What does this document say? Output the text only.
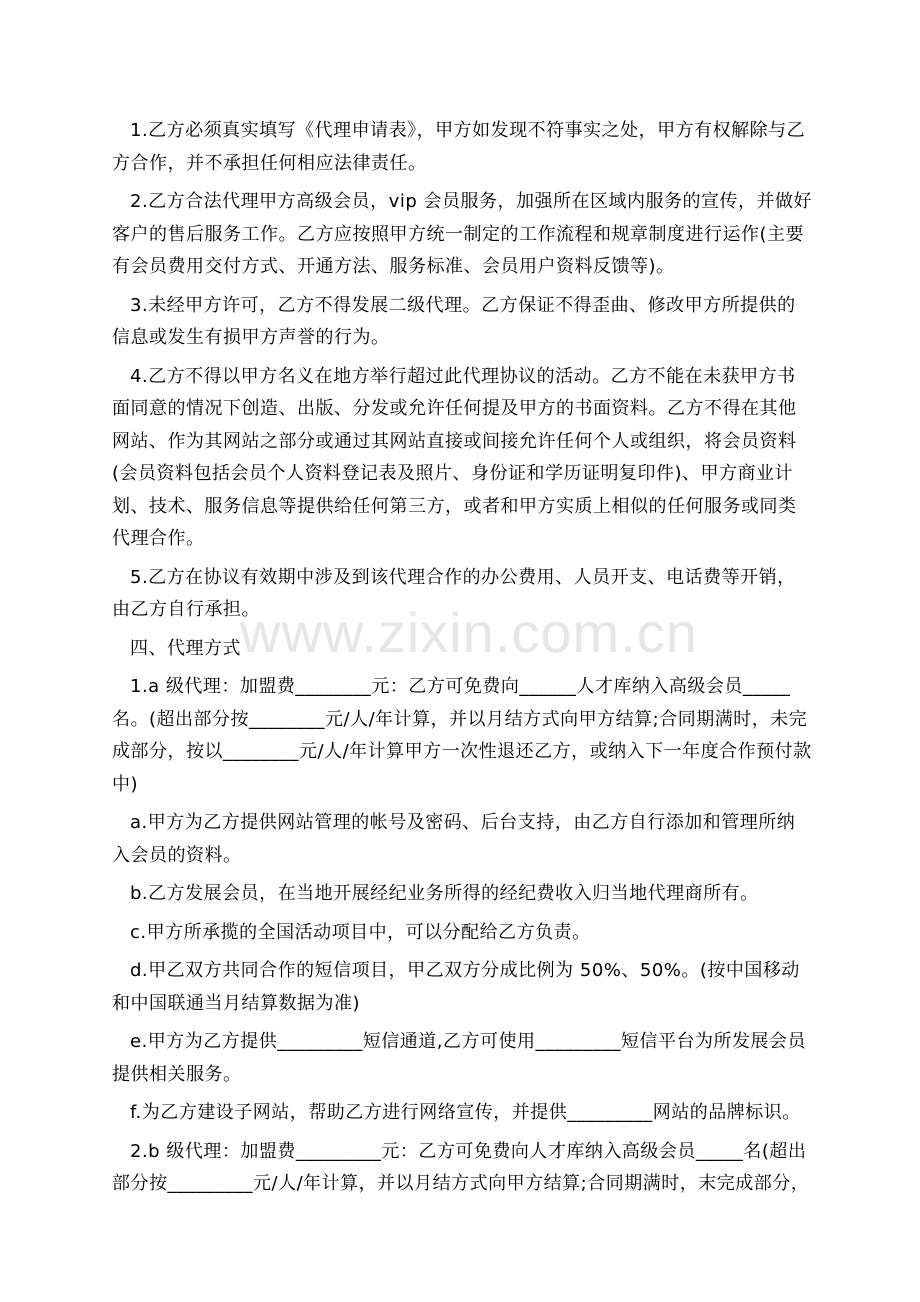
1.乙方必须真实填写《代理申请表》，甲方如发现不符事实之处，甲方有权解除与乙方合作，并不承担任何相应法律责任。

2.乙方合法代理甲方高级会员，vip 会员服务，加强所在区域内服务的宣传，并做好客户的售后服务工作。乙方应按照甲方统一制定的工作流程和规章制度进行运作(主要有会员费用交付方式、开通方法、服务标准、会员用户资料反馈等)。

3.未经甲方许可，乙方不得发展二级代理。乙方保证不得歪曲、修改甲方所提供的信息或发生有损甲方声誉的行为。

4.乙方不得以甲方名义在地方举行超过此代理协议的活动。乙方不能在未获甲方书面同意的情况下创造、出版、分发或允许任何提及甲方的书面资料。乙方不得在其他网站、作为其网站之部分或通过其网站直接或间接允许任何个人或组织，将会员资料(会员资料包括会员个人资料登记表及照片、身份证和学历证明复印件)、甲方商业计划、技术、服务信息等提供给任何第三方，或者和甲方实质上相似的任何服务或同类代理合作。

5.乙方在协议有效期中涉及到该代理合作的办公费用、人员开支、电话费等开销，由乙方自行承担。

四、代理方式

1.a 级代理：加盟费________元：乙方可免费向______人才库纳入高级会员_____名。(超出部分按________元/人/年计算，并以月结方式向甲方结算;合同期满时，未完成部分，按以________元/人/年计算甲方一次性退还乙方，或纳入下一年度合作预付款中)

a.甲方为乙方提供网站管理的帐号及密码、后台支持，由乙方自行添加和管理所纳入会员的资料。

b.乙方发展会员，在当地开展经纪业务所得的经纪费收入归当地代理商所有。

c.甲方所承揽的全国活动项目中，可以分配给乙方负责。

d.甲乙双方共同合作的短信项目，甲乙双方分成比例为 50%、50%。(按中国移动和中国联通当月结算数据为准)

e.甲方为乙方提供_________短信通道,乙方可使用_________短信平台为所发展会员提供相关服务。

f.为乙方建设子网站，帮助乙方进行网络宣传，并提供_________网站的品牌标识。

2.b 级代理：加盟费_________元：乙方可免费向人才库纳入高级会员_____名(超出部分按_________元/人/年计算，并以月结方式向甲方结算;合同期满时，末完成部分，

www.zixin.com.cn
